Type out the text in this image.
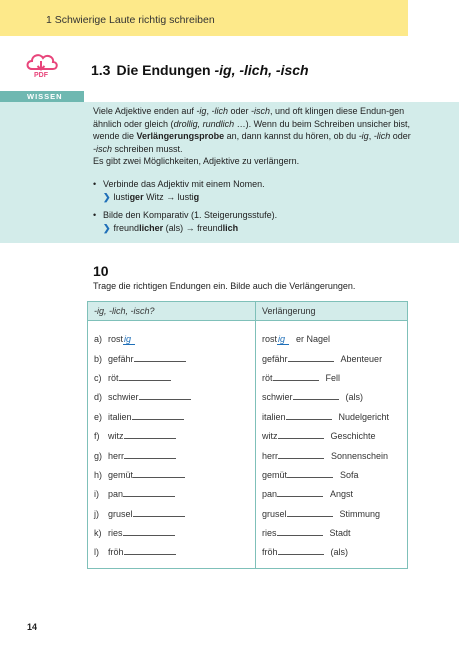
1 Schwierige Laute richtig schreiben
PDF	1.3 Die Endungen -ig, -lich, -isch
WISSEN
Viele Adjektive enden auf -ig, -lich oder -isch, und oft klingen diese Endun-gen ähnlich oder gleich (drollig, rundlich …). Wenn du beim Schreiben unsicher bist, wende die Verlängerungsprobe an, dann kannst du hören, ob du -ig, -lich oder -isch schreiben musst.
Es gibt zwei Möglichkeiten, Adjektive zu verlängern.
• Verbinde das Adjektiv mit einem Nomen.
❯ lustiger Witz → lustig
• Bilde den Komparativ (1. Steigerungsstufe).
❯ freundlicher (als) → freundlich
10
Trage die richtigen Endungen ein. Bilde auch die Verlängerungen.
-ig, -lich, -isch?	Verlängerung
a) rostig	rostig er Nagel
b) gefähr	gefähr Abenteuer
c) röt	röt Fell
d) schwier	schwier (als)
e) italien	italien Nudelgericht
f) witz	witz Geschichte
g) herr	herr Sonnenschein
h) gemüt	gemüt Sofa
i) pan	pan Angst
j) grusel	grusel Stimmung
k) ries	ries Stadt
l) fröh	fröh (als)
14
